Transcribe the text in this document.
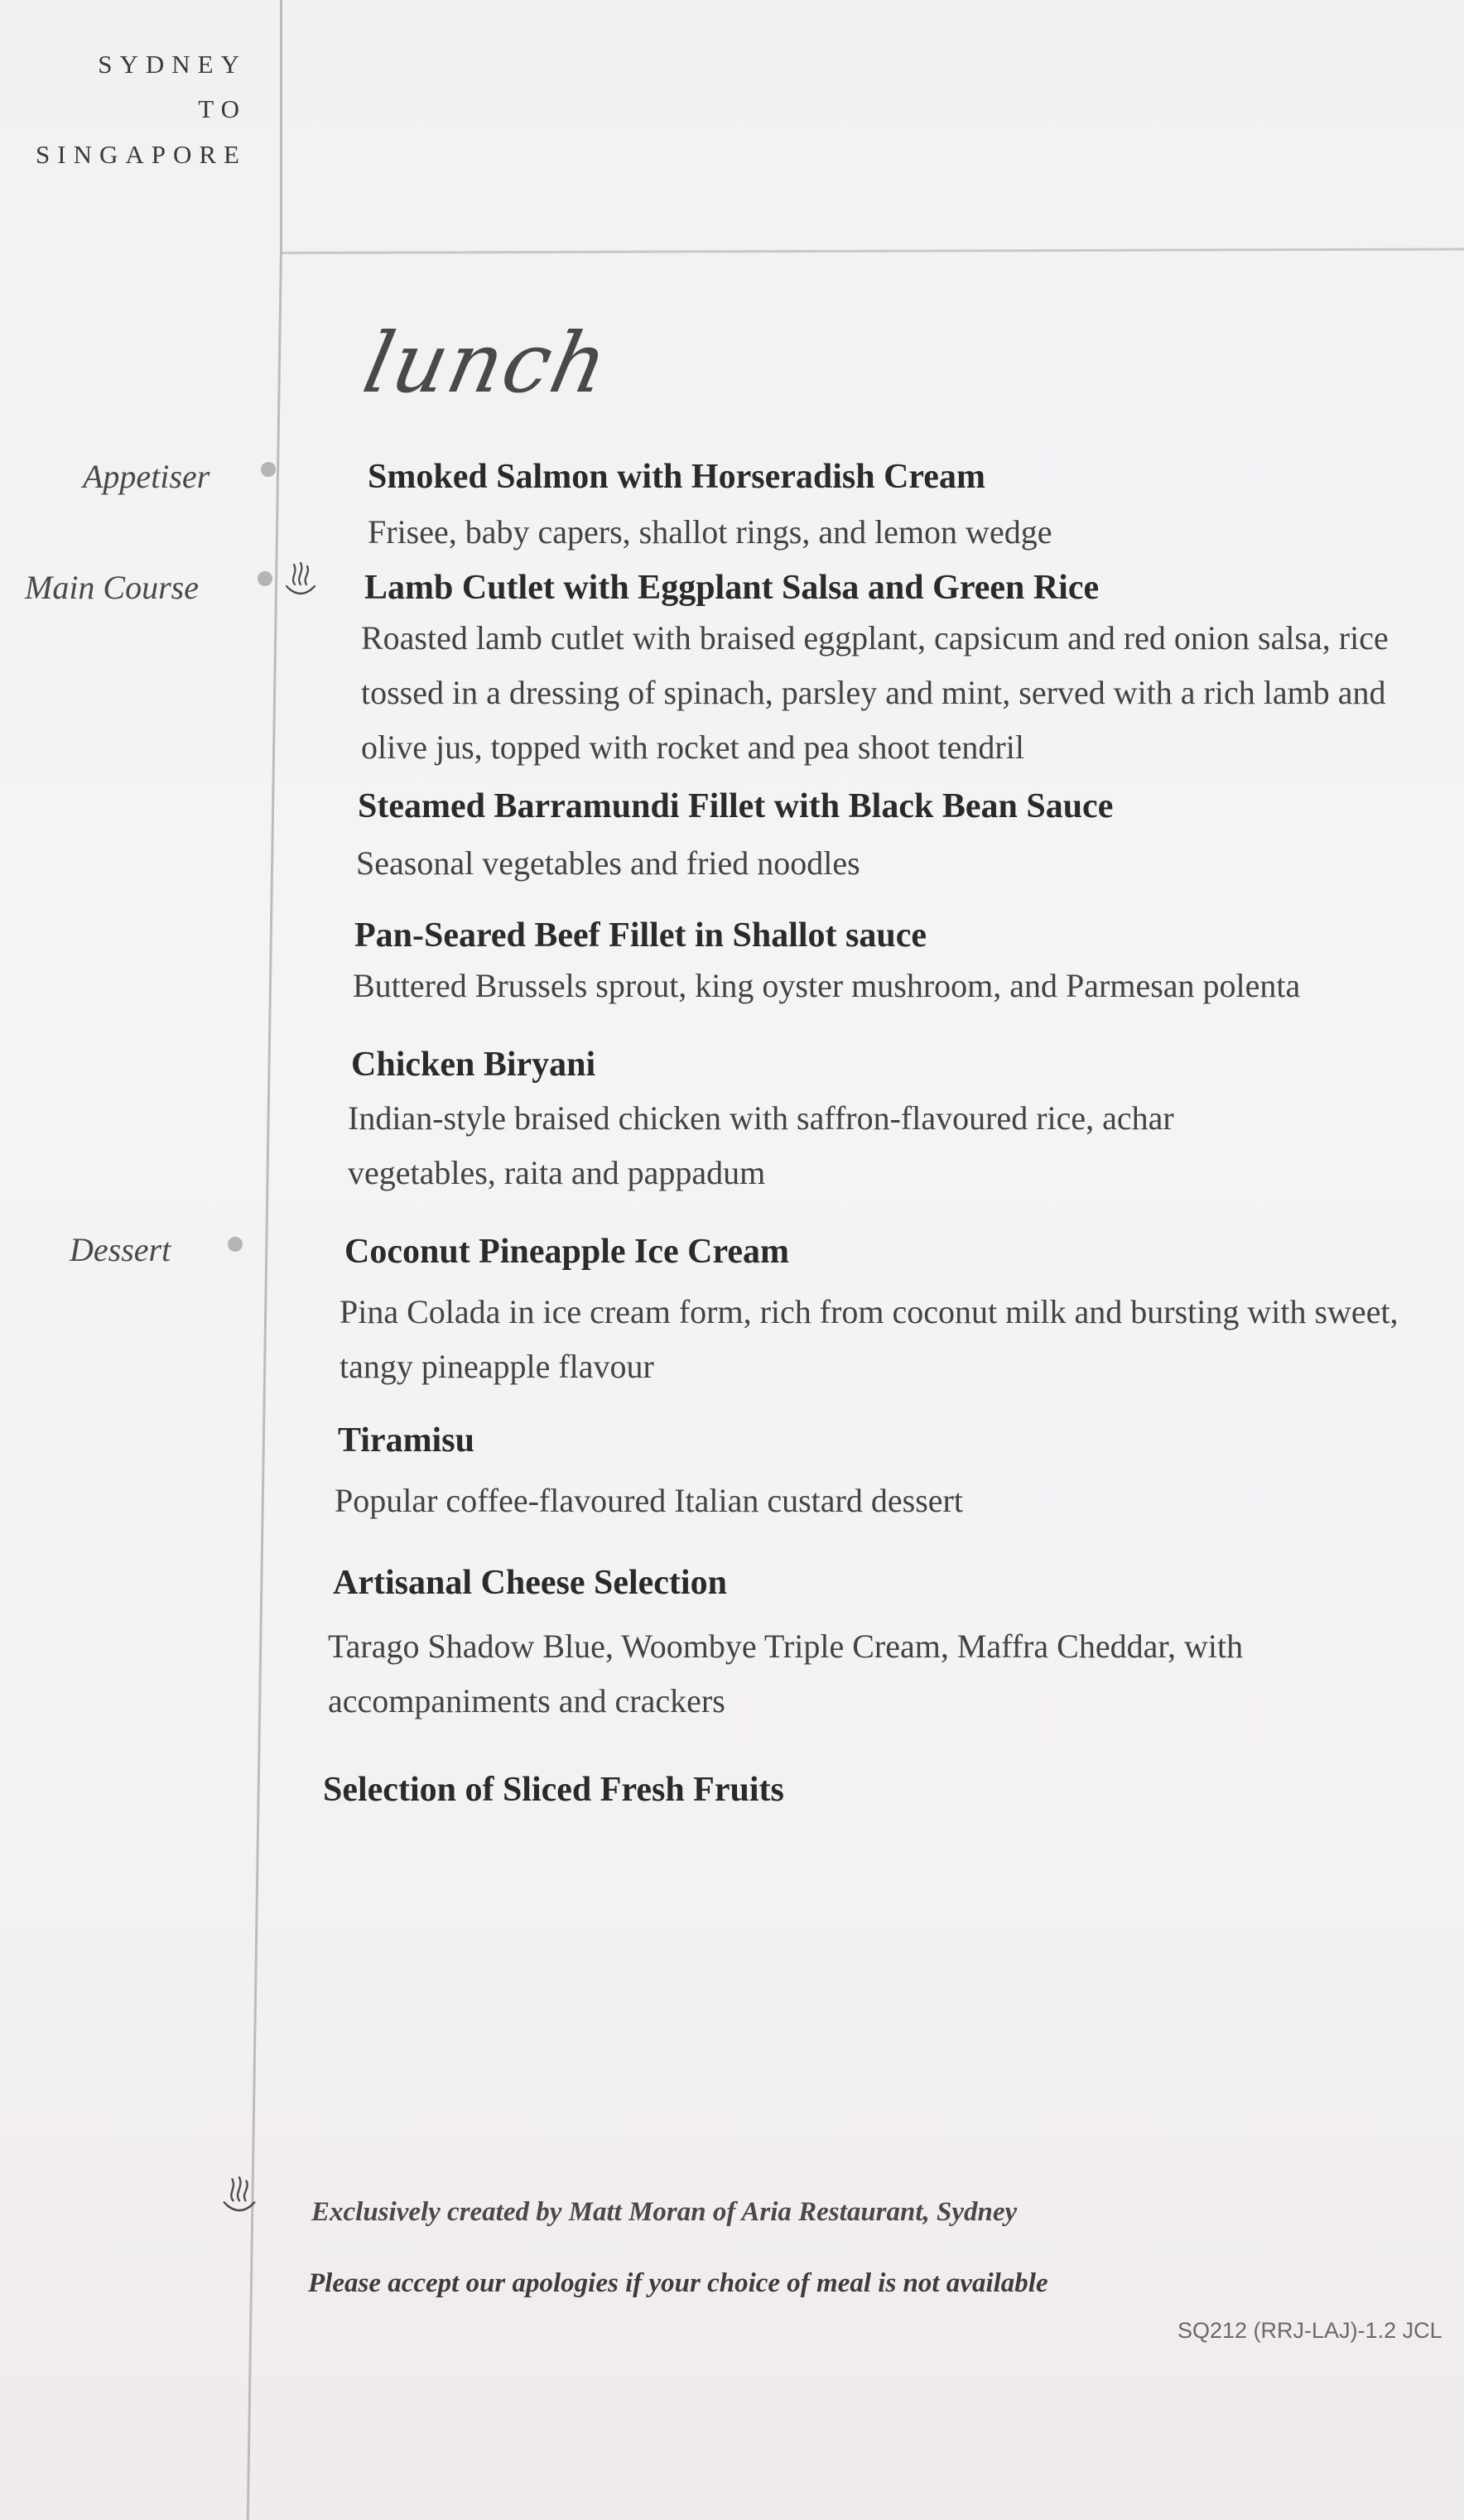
SYDNEY
TO
SINGAPORE
lunch
Appetiser
Main Course
Dessert
Smoked Salmon with Horseradish Cream
Frisee, baby capers, shallot rings, and lemon wedge
Lamb Cutlet with Eggplant Salsa and Green Rice
Roasted lamb cutlet with braised eggplant, capsicum and red onion salsa, rice tossed in a dressing of spinach, parsley and mint, served with a rich lamb and olive jus, topped with rocket and pea shoot tendril
Steamed Barramundi Fillet with Black Bean Sauce
Seasonal vegetables and fried noodles
Pan-Seared Beef Fillet in Shallot sauce
Buttered Brussels sprout, king oyster mushroom, and Parmesan polenta
Chicken Biryani
Indian-style braised chicken with saffron-flavoured rice, achar vegetables, raita and pappadum
Coconut Pineapple Ice Cream
Pina Colada in ice cream form, rich from coconut milk and bursting with sweet, tangy pineapple flavour
Tiramisu
Popular coffee-flavoured Italian custard dessert
Artisanal Cheese Selection
Tarago Shadow Blue, Woombye Triple Cream, Maffra Cheddar, with accompaniments and crackers
Selection of Sliced Fresh Fruits
Exclusively created by Matt Moran of Aria Restaurant, Sydney
Please accept our apologies if your choice of meal is not available
SQ212 (RRJ-LAJ)-1.2 JCL
